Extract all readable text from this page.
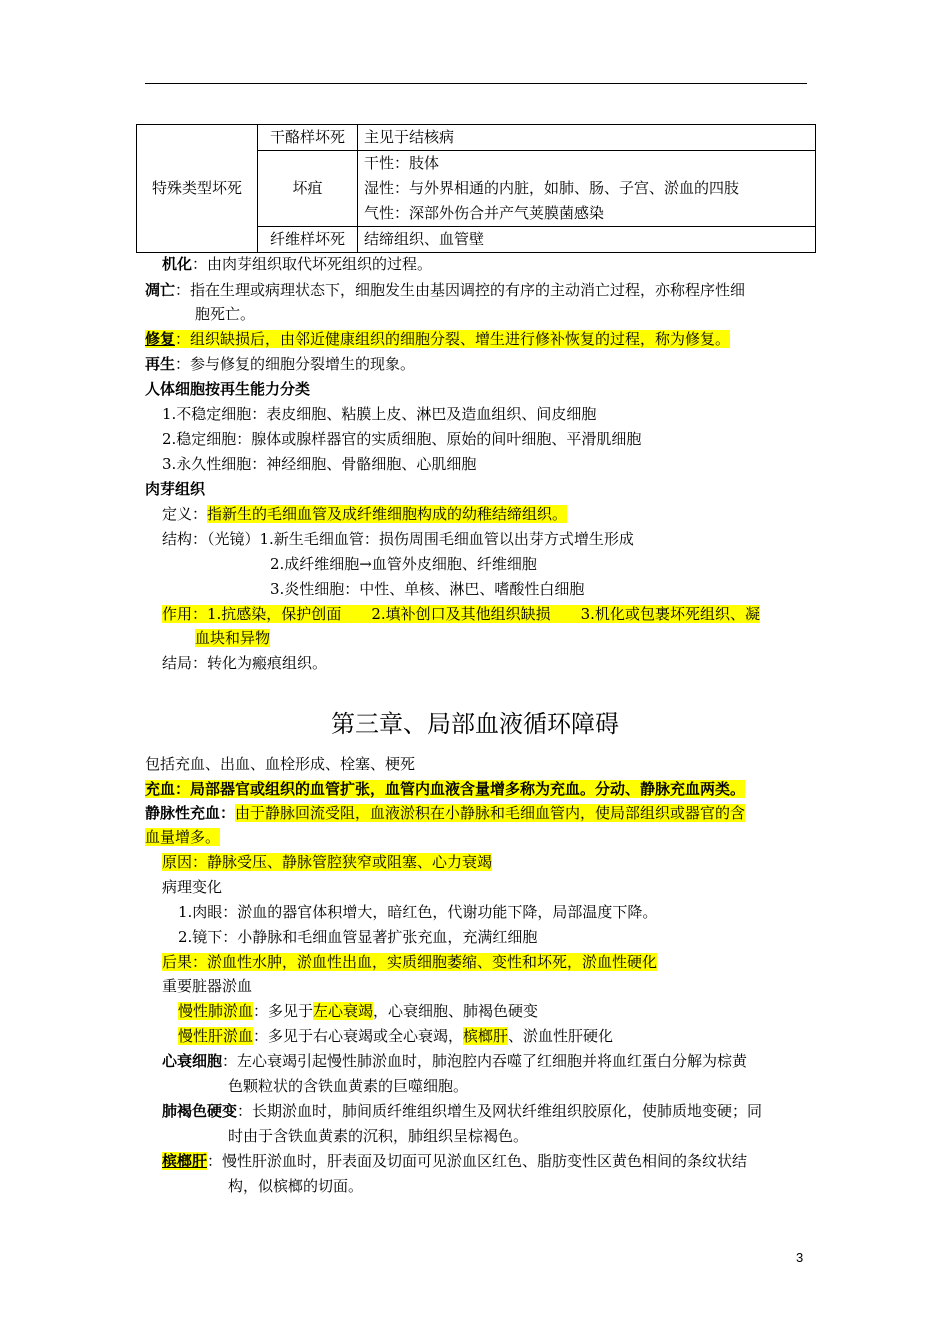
特殊类型坏死	干酪样坏死	主见于结核病
	坏疽	干性：肢体
湿性：与外界相通的内脏，如肺、肠、子宫、淤血的四肢
气性：深部外伤合并产气荚膜菌感染

	纤维样坏死	结缔组织、血管壁
机化：由肉芽组织取代坏死组织的过程。
凋亡：指在生理或病理状态下，细胞发生由基因调控的有序的主动消亡过程，亦称程序性细
胞死亡。
修复：组织缺损后，由邻近健康组织的细胞分裂、增生进行修补恢复的过程，称为修复。
再生：参与修复的细胞分裂增生的现象。
人体细胞按再生能力分类
1.不稳定细胞：表皮细胞、粘膜上皮、淋巴及造血组织、间皮细胞
2.稳定细胞：腺体或腺样器官的实质细胞、原始的间叶细胞、平滑肌细胞
3.永久性细胞：神经细胞、骨骼细胞、心肌细胞
肉芽组织
定义：指新生的毛细血管及成纤维细胞构成的幼稚结缔组织。
结构：（光镜）1.新生毛细血管：损伤周围毛细血管以出芽方式增生形成
2.成纤维细胞→血管外皮细胞、纤维细胞
3.炎性细胞：中性、单核、淋巴、嗜酸性白细胞
作用：1.抗感染，保护创面　　2.填补创口及其他组织缺损　　3.机化或包裹坏死组织、凝
血块和异物
结局：转化为瘢痕组织。
第三章、局部血液循环障碍
包括充血、出血、血栓形成、栓塞、梗死
充血：局部器官或组织的血管扩张，血管内血液含量增多称为充血。分动、静脉充血两类。
静脉性充血：由于静脉回流受阻，血液淤积在小静脉和毛细血管内，使局部组织或器官的含
血量增多。
原因：静脉受压、静脉管腔狭窄或阻塞、心力衰竭
病理变化
1.肉眼：淤血的器官体积增大，暗红色，代谢功能下降，局部温度下降。
2.镜下：小静脉和毛细血管显著扩张充血，充满红细胞
后果：淤血性水肿，淤血性出血，实质细胞萎缩、变性和坏死，淤血性硬化
重要脏器淤血
慢性肺淤血：多见于左心衰竭，心衰细胞、肺褐色硬变
慢性肝淤血：多见于右心衰竭或全心衰竭，槟榔肝、淤血性肝硬化
心衰细胞：左心衰竭引起慢性肺淤血时，肺泡腔内吞噬了红细胞并将血红蛋白分解为棕黄
色颗粒状的含铁血黄素的巨噬细胞。
肺褐色硬变：长期淤血时，肺间质纤维组织增生及网状纤维组织胶原化，使肺质地变硬；同
时由于含铁血黄素的沉积，肺组织呈棕褐色。
槟榔肝：慢性肝淤血时，肝表面及切面可见淤血区红色、脂肪变性区黄色相间的条纹状结
构，似槟榔的切面。
3
